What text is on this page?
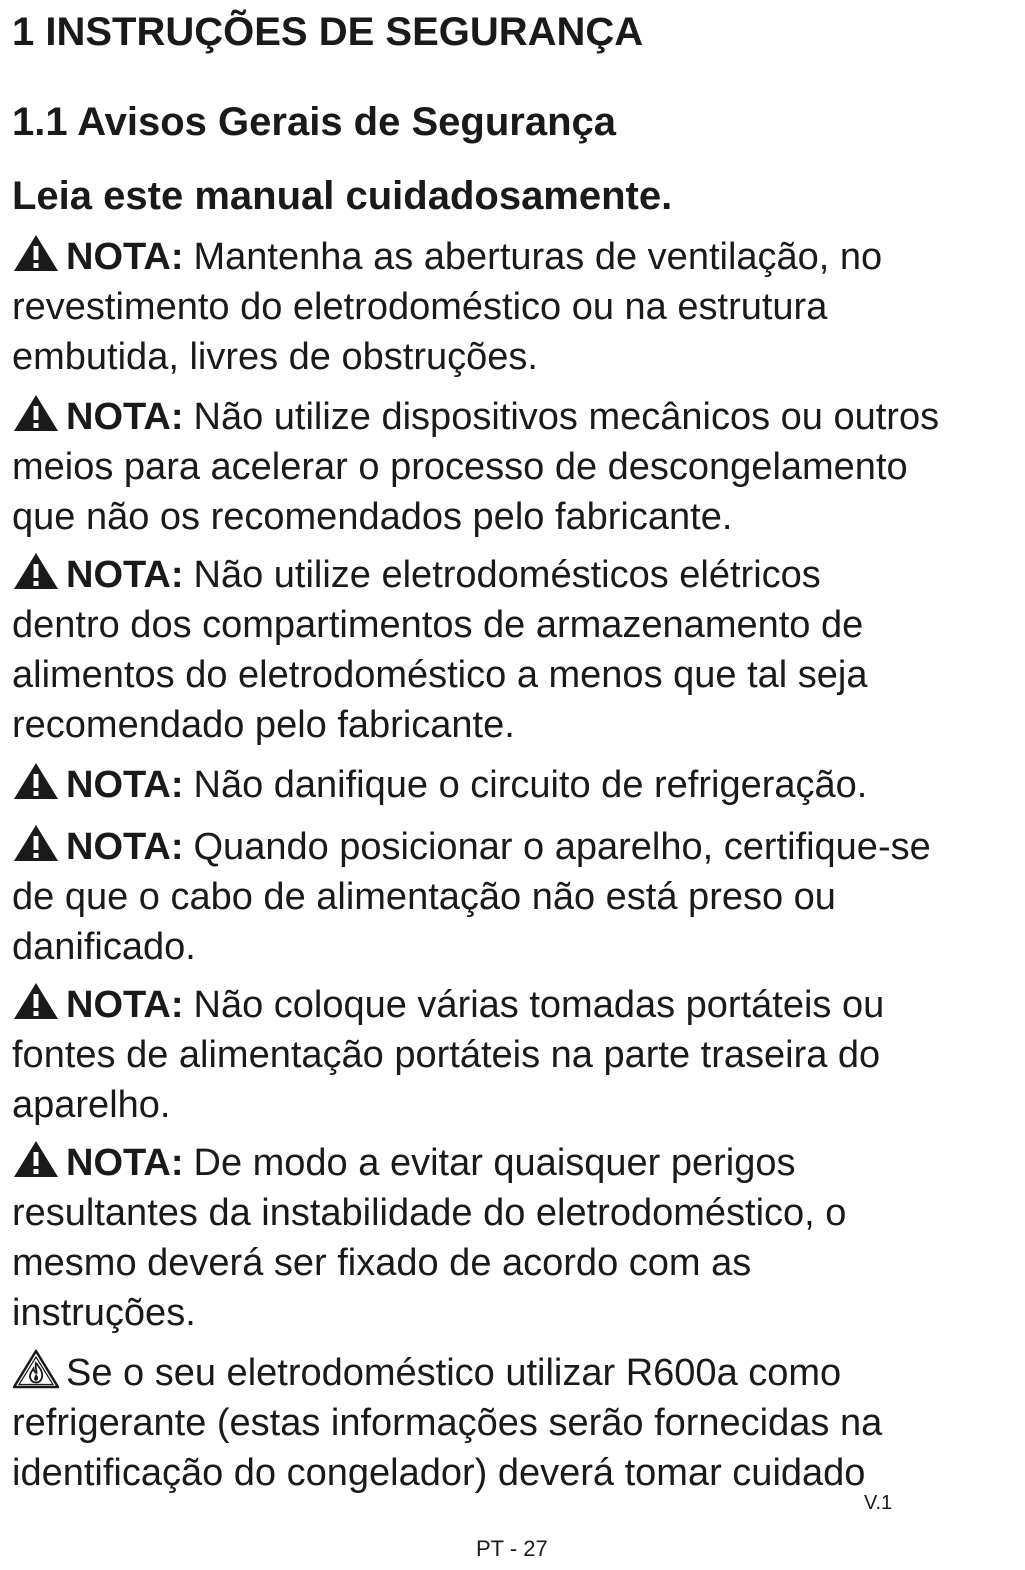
1 INSTRUÇÕES DE SEGURANÇA
1.1 Avisos Gerais de Segurança

Leia este manual cuidadosamente.

NOTA: Mantenha as aberturas de ventilação, no
revestimento do eletrodoméstico ou na estrutura
embutida, livres de obstruções.
NOTA: Não utilize dispositivos mecânicos ou outros
meios para acelerar o processo de descongelamento
que não os recomendados pelo fabricante.
NOTA: Não utilize eletrodomésticos elétricos
dentro dos compartimentos de armazenamento de
alimentos do eletrodoméstico a menos que tal seja
recomendado pelo fabricante.
NOTA: Não danifique o circuito de refrigeração.
NOTA: Quando posicionar o aparelho, certifique-se
de que o cabo de alimentação não está preso ou
danificado.
NOTA: Não coloque várias tomadas portáteis ou
fontes de alimentação portáteis na parte traseira do
aparelho.
NOTA: De modo a evitar quaisquer perigos
resultantes da instabilidade do eletrodoméstico, o
mesmo deverá ser fixado de acordo com as
instruções.
Se o seu eletrodoméstico utilizar R600a como
refrigerante (estas informações serão fornecidas na
identificação do congelador) deverá tomar cuidado
V.1
PT - 27
